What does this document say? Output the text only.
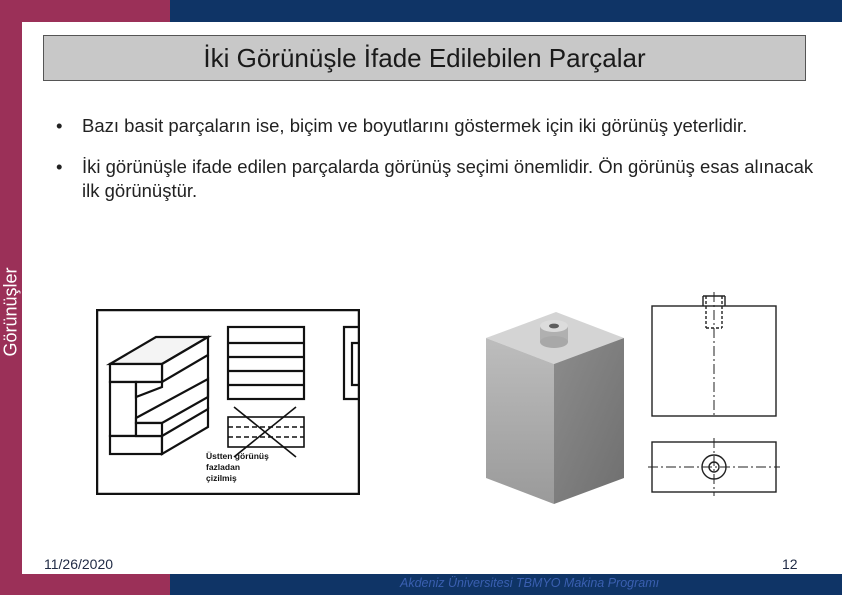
Görünüşler
İki Görünüşle İfade Edilebilen Parçalar
•	Bazı basit parçaların ise, biçim ve boyutlarını göstermek için iki görünüş yeterlidir.
•	İki görünüşle ifade edilen parçalarda görünüş seçimi önemlidir. Ön görünüş esas alınacak ilk görünüştür.
Üstten görünüş
fazladan
çizilmiş
11/26/2020	12
Akdeniz Üniversitesi TBMYO Makina Programı
